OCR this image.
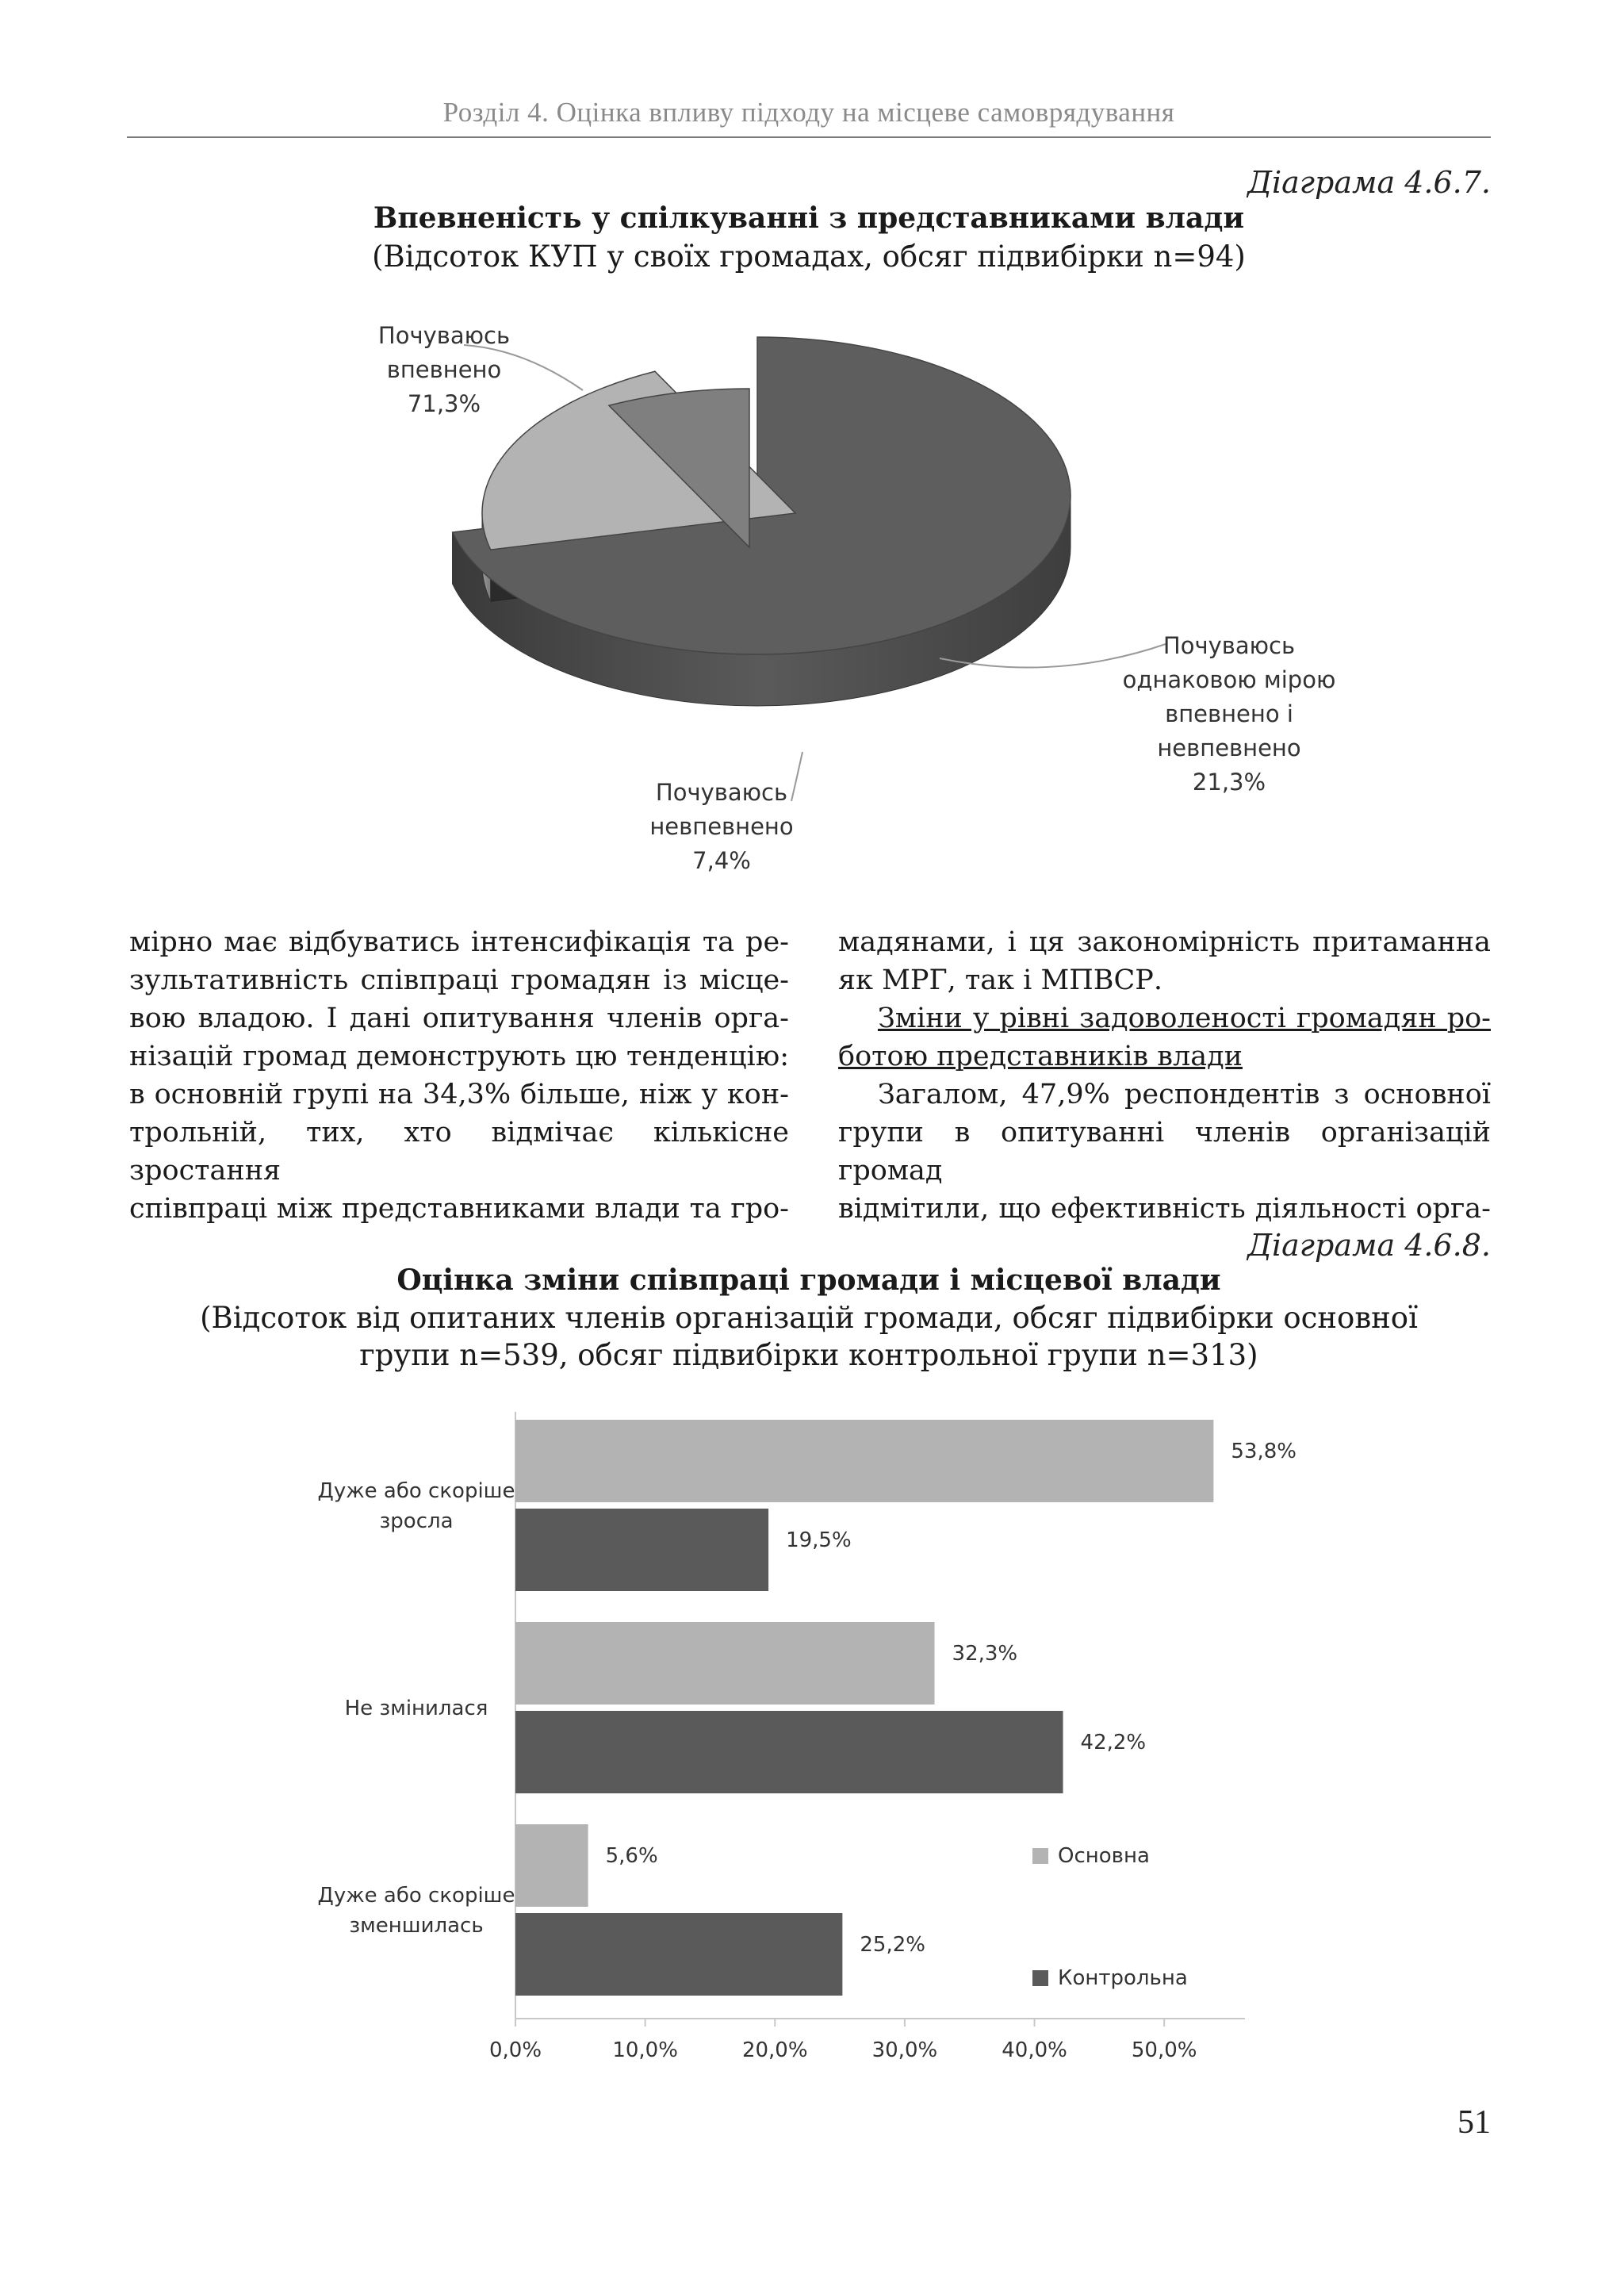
Розділ 4. Оцінка впливу підходу на місцеве самоврядування
Діаграма 4.6.7.
Впевненість у спілкуванні з представниками влади
(Відсоток КУП у своїх громадах, обсяг підвибірки n=94)
Почуваюсь
впевнено
71,3%
Почуваюсь
однаковою мірою
впевнено і
невпевнено
21,3%
Почуваюсь
невпевнено
7,4%

мірно має відбуватись інтенсифікація та ре-

зультативність співпраці громадян із місце-

вою владою. І дані опитування членів орга-

нізацій громад демонструють цю тенденцію:

в основній групі на 34,3% більше, ніж у кон-

трольній, тих, хто відмічає кількісне зростання

співпраці між представниками влади та гро-

мадянами, і ця закономірність притаманна

як МРГ, так і МПВСР.

Зміни у рівні задоволеності громадян ро-

ботою представників влади

Загалом, 47,9% респондентів з основної

групи в опитуванні членів організацій громад

відмітили, що ефективність діяльності орга-

Діаграма 4.6.8.
Оцінка зміни співпраці громади і місцевої влади
(Відсоток від опитаних членів організацій громади, обсяг підвибірки основної
групи n=539, обсяг підвибірки контрольної групи n=313)
0,0%	10,0%	20,0%	30,0%	40,0%	50,0%
Дуже або скоріше зросла
53,8%
19,5%
Не змінилася
32,3%
42,2%
Дуже або скоріше зменшилась
5,6%
25,2%
Основна
Контрольна
51
